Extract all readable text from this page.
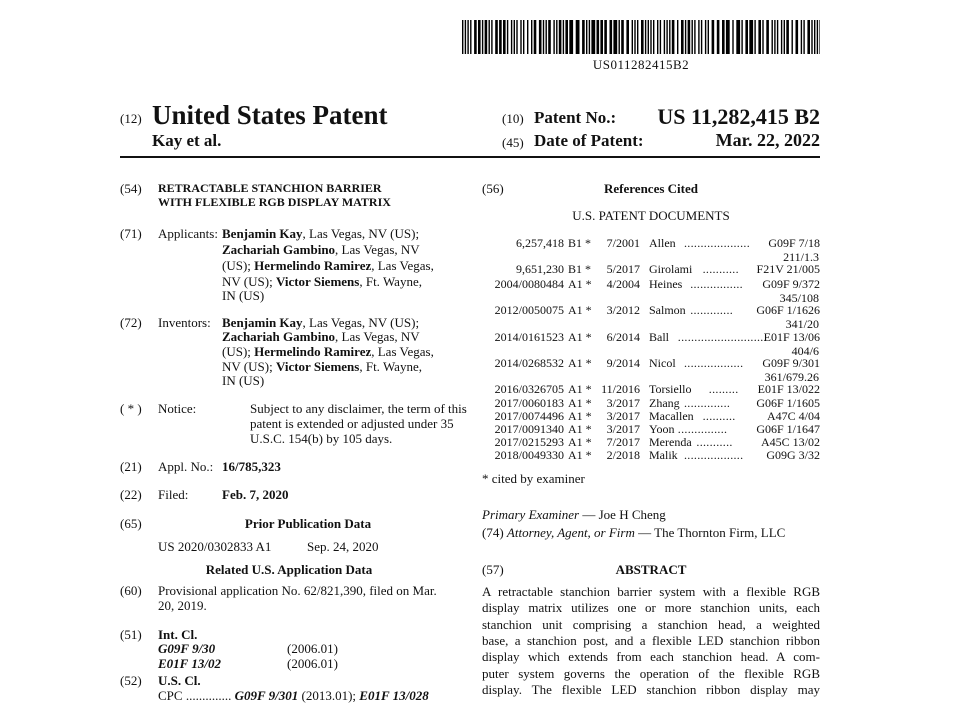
US011282415B2
(12) United States Patent
Kay et al.
(10) Patent No.: US 11,282,415 B2
(45) Date of Patent:	Mar. 22, 2022
(54) RETRACTABLE STANCHION BARRIER
WITH FLEXIBLE RGB DISPLAY MATRIX
(71) Applicants: Benjamin Kay, Las Vegas, NV (US);
Zachariah Gambino, Las Vegas, NV
(US); Hermelindo Ramirez, Las Vegas,
NV (US); Victor Siemens, Ft. Wayne,
IN (US)
(72) Inventors: Benjamin Kay, Las Vegas, NV (US);
Zachariah Gambino, Las Vegas, NV
(US); Hermelindo Ramirez, Las Vegas,
NV (US); Victor Siemens, Ft. Wayne,
IN (US)
( * ) Notice:	Subject to any disclaimer, the term of this
patent is extended or adjusted under 35
U.S.C. 154(b) by 105 days.
(21) Appl. No.: 16/785,323
(22) Filed:	Feb. 7, 2020
(65)	Prior Publication Data
US 2020/0302833 A1	Sep. 24, 2020
Related U.S. Application Data
(60) Provisional application No. 62/821,390, filed on Mar.
20, 2019.
(51) Int. Cl.
G09F 9/30	(2006.01)
E01F 13/02	(2006.01)
(52) U.S. Cl.
CPC .............. G09F 9/301 (2013.01); E01F 13/028
(56)	References Cited
U.S. PATENT DOCUMENTS
6,257,418 B1 *	7/2001 Allen	G09F 7/18
....................
211/1.3
9,651,230 B1 *	5/2017 Girolami	F21V 21/005
...........
2004/0080484 A1 *	4/2004 Heines	G09F 9/372
................
345/108
2012/0050075 A1 *	3/2012 Salmon	G06F 1/1626
.............
341/20
2014/0161523 A1 *	6/2014 Ball	E01F 13/06
...........................
404/6
2014/0268532 A1 *	9/2014 Nicol	G09F 9/301
..................
361/679.26
2016/0326705 A1 * 11/2016 Torsiello	E01F 13/022
.........
2017/0060183 A1 *	3/2017 Zhang	G06F 1/1605
..............
2017/0074496 A1 *	3/2017 Macallen	A47C 4/04
..........
2017/0091340 A1 *	3/2017 Yoon	G06F 1/1647
...............
2017/0215293 A1 *	7/2017 Merenda	A45C 13/02
...........
2018/0049330 A1 *	2/2018 Malik	G09G 3/32
..................
* cited by examiner
Primary Examiner — Joe H Cheng
(74) Attorney, Agent, or Firm — The Thornton Firm, LLC
(57)	ABSTRACT
A retractable stanchion barrier system with a flexible RGB
display matrix utilizes one or more stanchion units, each
stanchion unit comprising a stanchion head, a weighted
base, a stanchion post, and a flexible LED stanchion ribbon
display which extends from each stanchion head. A com-
puter system governs the operation of the flexible RGB
display. The flexible LED stanchion ribbon display may
